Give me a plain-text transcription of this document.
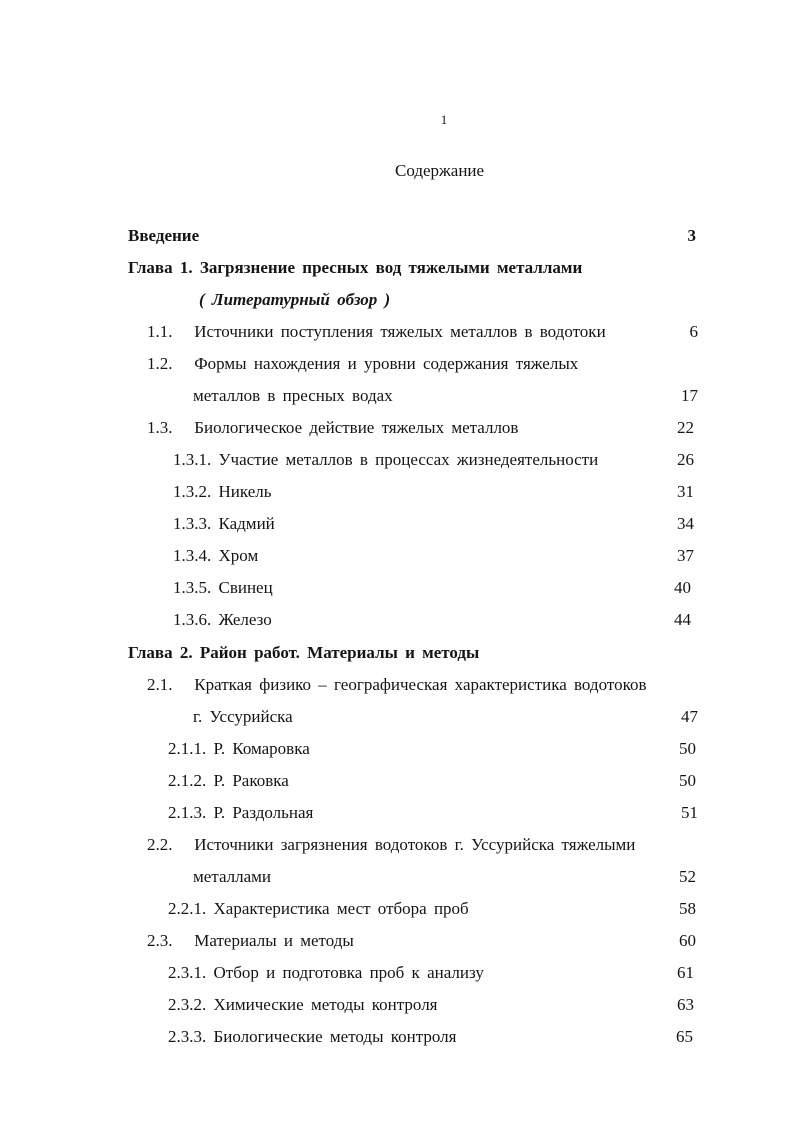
1
Содержание
Введение	3
Глава 1. Загрязнение пресных вод тяжелыми металлами
( Литературный обзор )
1.1.   Источники поступления тяжелых металлов в водотоки	6
1.2.   Формы нахождения и уровни содержания тяжелых
металлов в пресных водах	17
1.3.   Биологическое действие тяжелых металлов	22
1.3.1. Участие металлов в процессах жизнедеятельности	26
1.3.2. Никель	31
1.3.3. Кадмий	34
1.3.4. Хром	37
1.3.5. Свинец	40
1.3.6. Железо	44
Глава 2. Район работ. Материалы и методы
2.1.   Краткая физико – географическая характеристика водотоков
г. Уссурийска	47
2.1.1. Р. Комаровка	50
2.1.2. Р. Раковка	50
2.1.3. Р. Раздольная	51
2.2.   Источники загрязнения водотоков г. Уссурийска тяжелыми
металлами	52
2.2.1. Характеристика мест отбора проб	58
2.3.   Материалы и методы	60
2.3.1. Отбор и подготовка проб к анализу	61
2.3.2. Химические методы контроля	63
2.3.3. Биологические методы контроля	65
